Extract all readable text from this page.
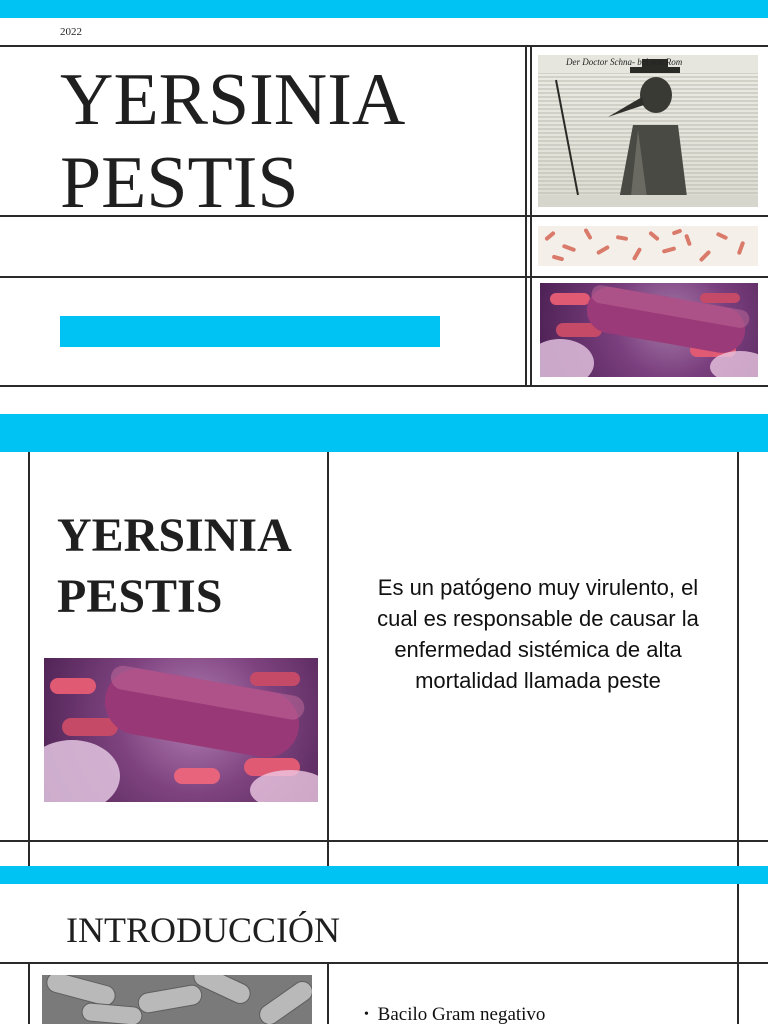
2022
YERSINIA
PESTIS
Der Doctor Schna- bel von Rom
YERSINIA
PESTIS	Es un patógeno muy virulento, el cual es responsable de causar la enfermedad sistémica de alta mortalidad llamada peste
INTRODUCCIÓN
• Bacilo Gram negativo
